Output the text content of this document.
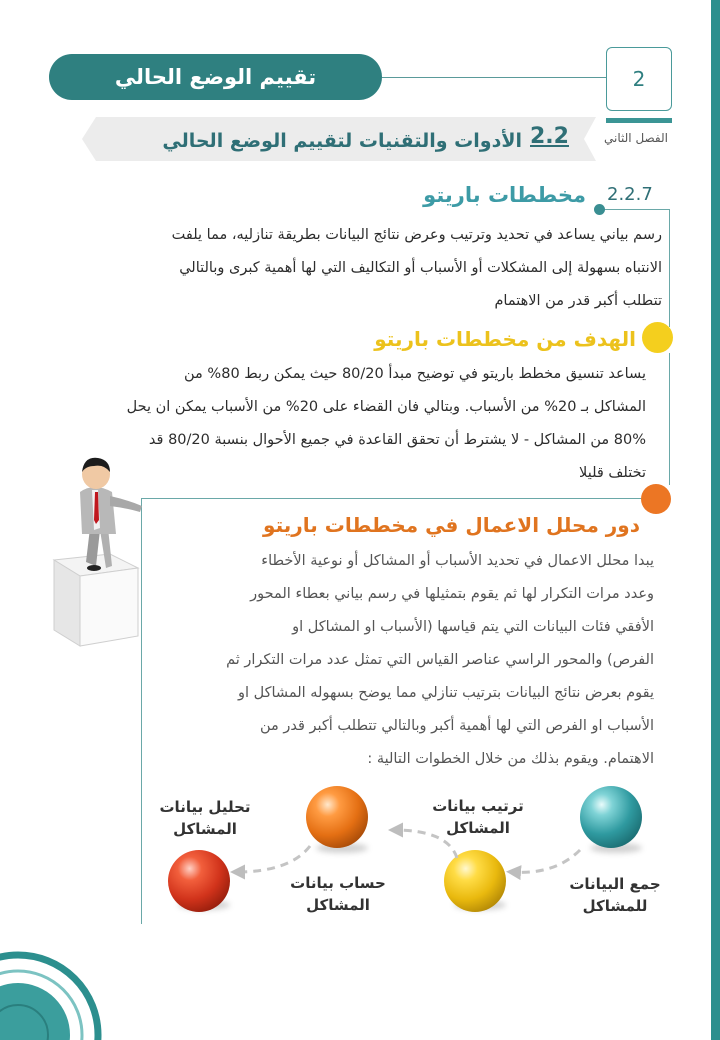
تقييم الوضع الحالي	2
الفصل الثاني
2.2
الأدوات والتقنيات لتقييم الوضع الحالي
2.2.7
مخططات باريتو
رسم بياني يساعد في تحديد وترتيب وعرض نتائج البيانات بطريقة تنازليه، مما يلفت
الانتباه بسهولة إلى المشكلات أو الأسباب أو التكاليف التي لها أهمية كبرى وبالتالي
تتطلب أكبر قدر من الاهتمام
الهدف من مخططات باريتو
يساعد تنسيق مخطط باريتو في توضيح مبدأ 80/20 حيث يمكن ربط 80% من
المشاكل بـ 20% من الأسباب. وبتالي فان القضاء على 20% من الأسباب يمكن ان يحل
80% من المشاكل - لا يشترط أن تحقق القاعدة في جميع الأحوال بنسبة 80/20 قد
تختلف قليلا
دور محلل الاعمال في مخططات باريتو
يبدا محلل الاعمال في تحديد الأسباب أو المشاكل أو نوعية الأخطاء
وعدد مرات التكرار لها ثم يقوم بتمثيلها في رسم بياني بعطاء المحور
الأفقي فئات البيانات التي يتم قياسها (الأسباب او المشاكل او
الفرص) والمحور الراسي عناصر القياس التي تمثل عدد مرات التكرار ثم
يقوم بعرض نتائج البيانات بترتيب تنازلي مما يوضح بسهوله المشاكل او
الأسباب او الفرص التي لها أهمية أكبر وبالتالي تتطلب أكبر قدر من
الاهتمام. ويقوم بذلك من خلال الخطوات التالية :
جمع البيانات
للمشاكل
ترتيب بيانات
المشاكل
حساب بيانات
المشاكل
تحليل بيانات
المشاكل
